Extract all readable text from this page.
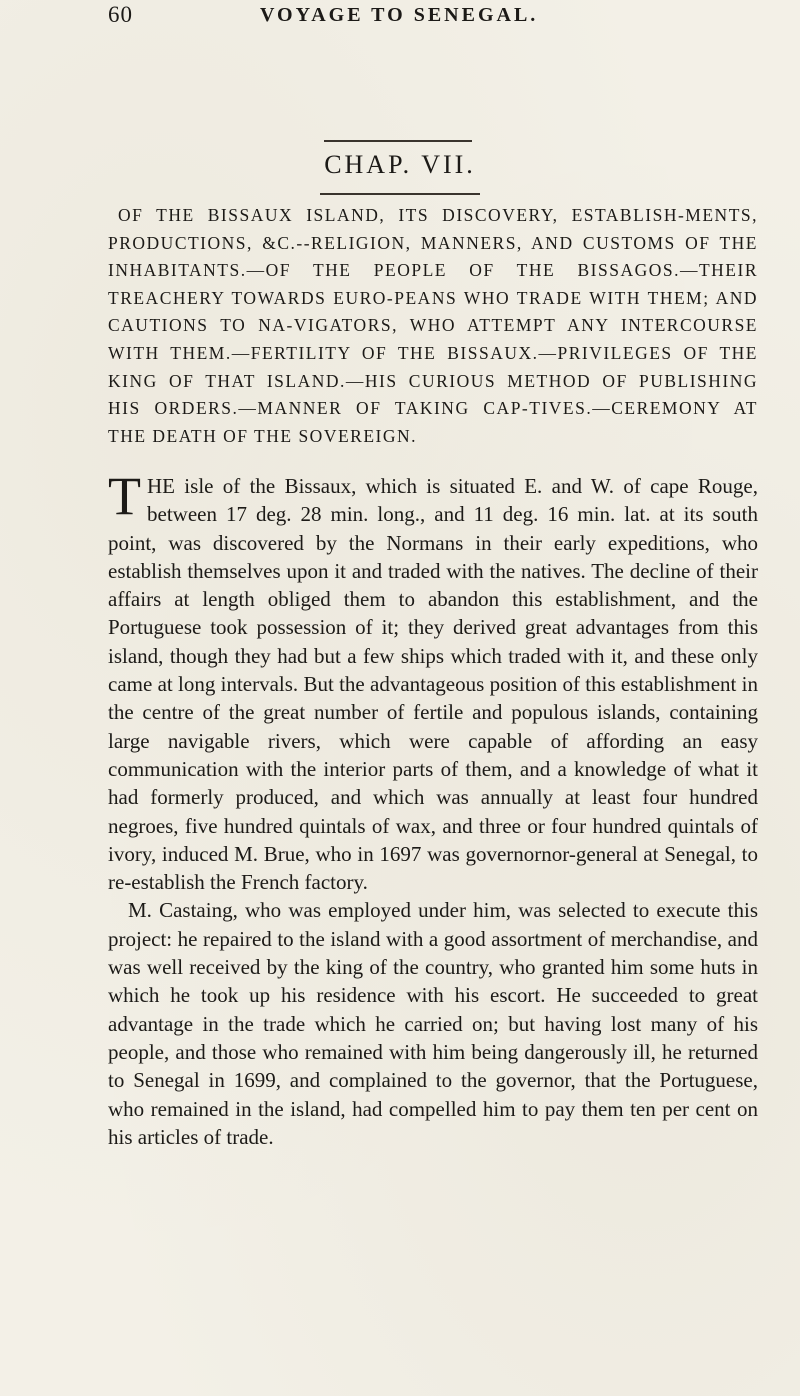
60	VOYAGE TO SENEGAL.
CHAP. VII.
OF THE BISSAUX ISLAND, ITS DISCOVERY, ESTABLISH-MENTS, PRODUCTIONS, &C.--RELIGION, MANNERS, AND CUSTOMS OF THE INHABITANTS.—OF THE PEOPLE OF THE BISSAGOS.—THEIR TREACHERY TOWARDS EURO-PEANS WHO TRADE WITH THEM; AND CAUTIONS TO NA-VIGATORS, WHO ATTEMPT ANY INTERCOURSE WITH THEM.—FERTILITY OF THE BISSAUX.—PRIVILEGES OF THE KING OF THAT ISLAND.—HIS CURIOUS METHOD OF PUBLISHING HIS ORDERS.—MANNER OF TAKING CAP-TIVES.—CEREMONY AT THE DEATH OF THE SOVEREIGN.

THE isle of the Bissaux, which is situated E. and W. of cape Rouge, between 17 deg. 28 min. long., and 11 deg. 16 min. lat. at its south point, was discovered by the Normans in their early expeditions, who establish themselves upon it and traded with the natives. The decline of their affairs at length obliged them to abandon this establishment, and the Portuguese took possession of it; they derived great advantages from this island, though they had but a few ships which traded with it, and these only came at long intervals. But the advantageous position of this establishment in the centre of the great number of fertile and populous islands, containing large navigable rivers, which were capable of affording an easy communication with the interior parts of them, and a knowledge of what it had formerly produced, and which was annually at least four hundred negroes, five hundred quintals of wax, and three or four hundred quintals of ivory, induced M. Brue, who in 1697 was governornor-general at Senegal, to re-establish the French factory.

M. Castaing, who was employed under him, was selected to execute this project: he repaired to the island with a good assortment of merchandise, and was well received by the king of the country, who granted him some huts in which he took up his residence with his escort. He succeeded to great advantage in the trade which he carried on; but having lost many of his people, and those who remained with him being dangerously ill, he returned to Senegal in 1699, and complained to the governor, that the Portuguese, who remained in the island, had compelled him to pay them ten per cent on his articles of trade.
